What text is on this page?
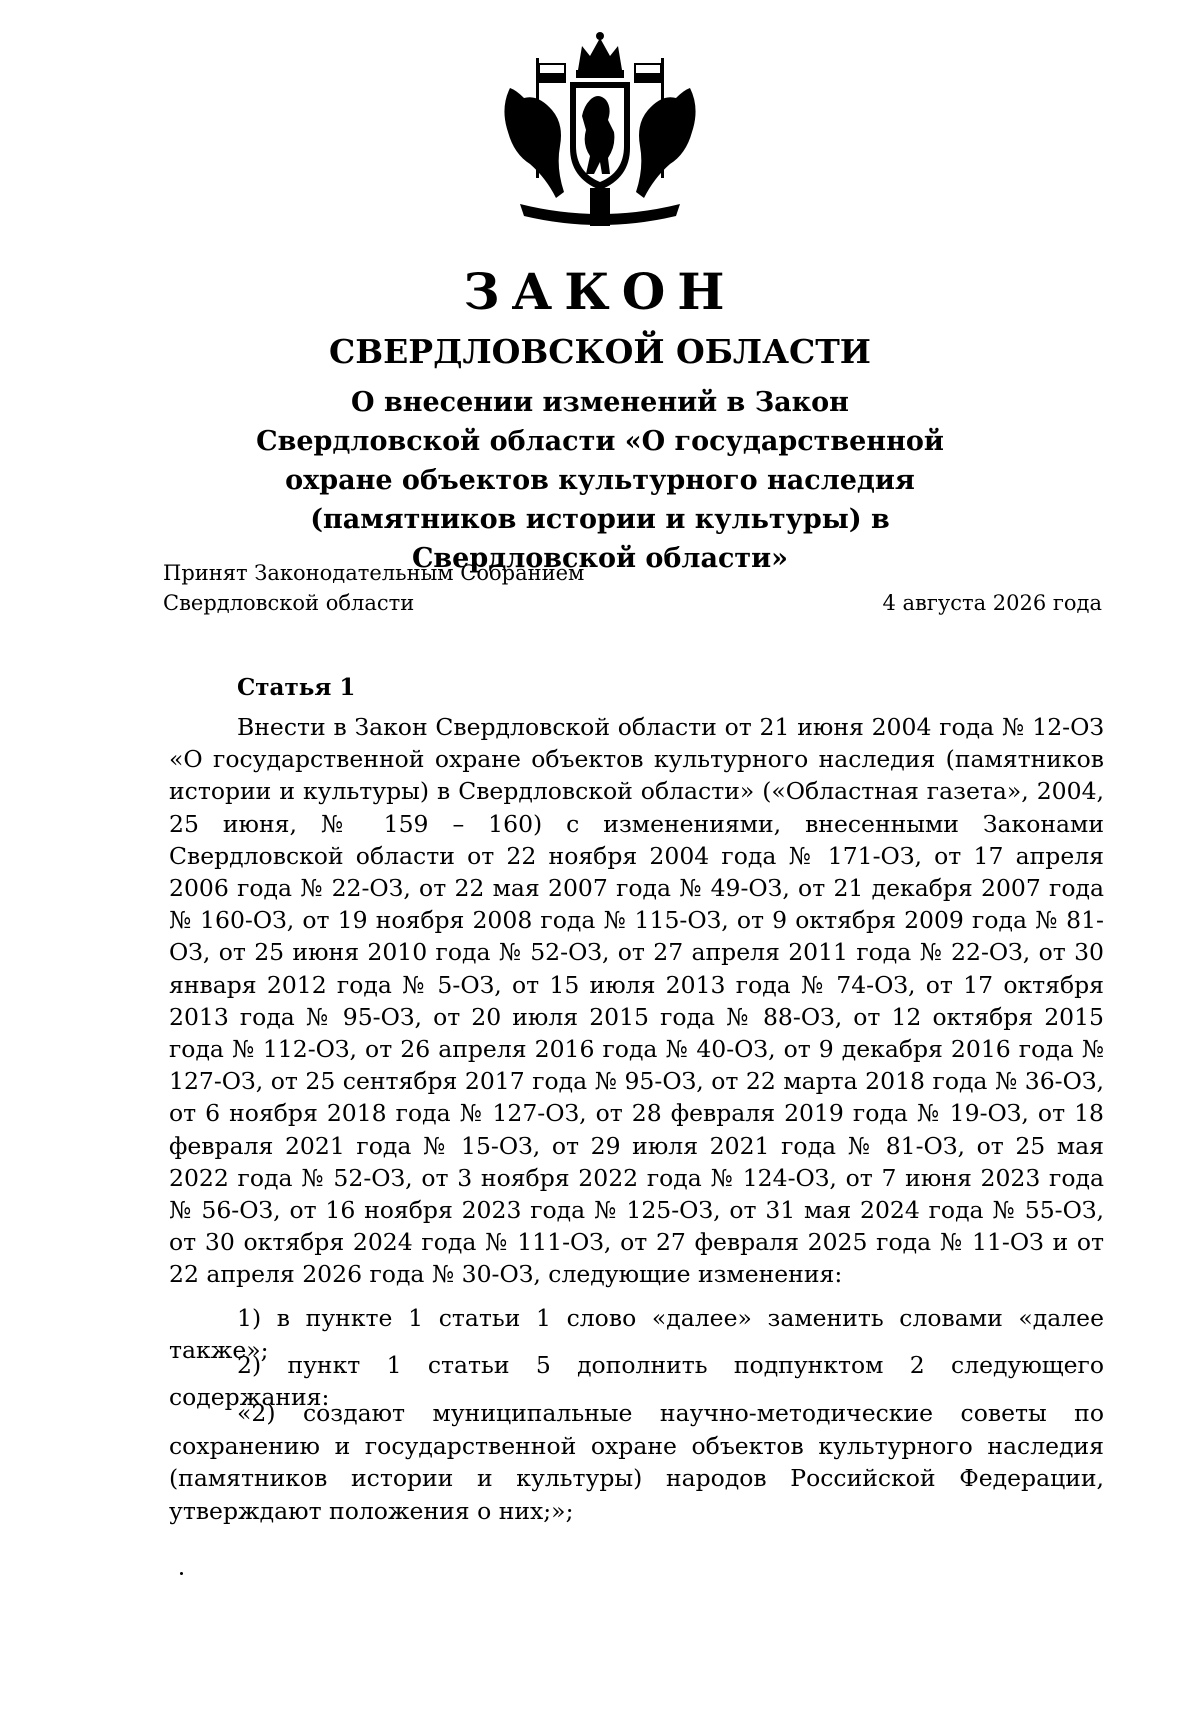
ЗАКОН
СВЕРДЛОВСКОЙ ОБЛАСТИ
О внесении изменений в Закон Свердловской области «О государственной охране объектов культурного наследия (памятников истории и культуры) в Свердловской области»
Принят Законодательным Собранием
Свердловской области	4 августа 2026 года
Статья 1

Внести в Закон Свердловской области от 21 июня 2004 года № 12-ОЗ «О государственной охране объектов культурного наследия (памятников истории и культуры) в Свердловской области» («Областная газета», 2004, 25 июня, № 159 – 160) с изменениями, внесенными Законами Свердловской области от 22 ноября 2004 года № 171-ОЗ, от 17 апреля 2006 года № 22-ОЗ, от 22 мая 2007 года № 49-ОЗ, от 21 декабря 2007 года № 160-ОЗ, от 19 ноября 2008 года № 115-ОЗ, от 9 октября 2009 года № 81-ОЗ, от 25 июня 2010 года № 52-ОЗ, от 27 апреля 2011 года № 22-ОЗ, от 30 января 2012 года № 5-ОЗ, от 15 июля 2013 года № 74-ОЗ, от 17 октября 2013 года № 95-ОЗ, от 20 июля 2015 года № 88-ОЗ, от 12 октября 2015 года № 112-ОЗ, от 26 апреля 2016 года № 40-ОЗ, от 9 декабря 2016 года № 127-ОЗ, от 25 сентября 2017 года № 95-ОЗ, от 22 марта 2018 года № 36-ОЗ, от 6 ноября 2018 года № 127-ОЗ, от 28 февраля 2019 года № 19-ОЗ, от 18 февраля 2021 года № 15-ОЗ, от 29 июля 2021 года № 81-ОЗ, от 25 мая 2022 года № 52-ОЗ, от 3 ноября 2022 года № 124-ОЗ, от 7 июня 2023 года № 56-ОЗ, от 16 ноября 2023 года № 125-ОЗ, от 31 мая 2024 года № 55-ОЗ, от 30 октября 2024 года № 111-ОЗ, от 27 февраля 2025 года № 11-ОЗ и от 22 апреля 2026 года № 30-ОЗ, следующие изменения:

1) в пункте 1 статьи 1 слово «далее» заменить словами «далее также»;

2) пункт 1 статьи 5 дополнить подпунктом 2 следующего содержания:

«2) создают муниципальные научно-методические советы по сохранению и государственной охране объектов культурного наследия (памятников истории и культуры) народов Российской Федерации, утверждают положения о них;»;
